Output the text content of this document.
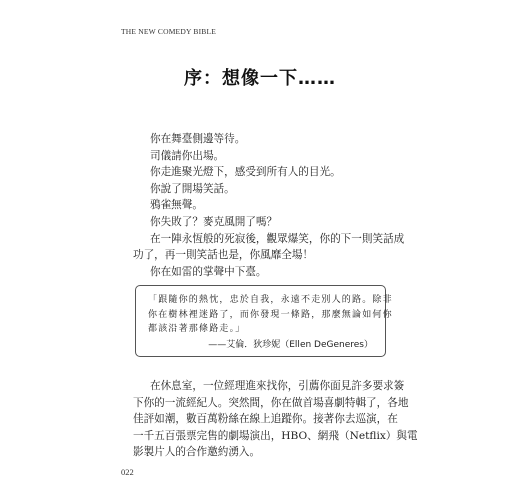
THE NEW COMEDY BIBLE
序：想像一下……

你在舞臺側邊等待。

司儀請你出場。

你走進聚光燈下，感受到所有人的目光。

你說了開場笑話。

鴉雀無聲。

你失敗了？麥克風開了嗎？

在一陣永恆般的死寂後，觀眾爆笑，你的下一則笑話成

功了，再一則笑話也是，你風靡全場！

你在如雷的掌聲中下臺。

「跟隨你的熱忱，忠於自我，永遠不走別人的路。除非

你在樹林裡迷路了，而你發現一條路，那麼無論如何你

都該沿著那條路走。」

——艾倫．狄珍妮（Ellen DeGeneres）

在休息室，一位經理進來找你，引薦你面見許多要求簽

下你的一流經紀人。突然間，你在做首場喜劇特輯了，各地

佳評如潮，數百萬粉絲在線上追蹤你。接著你去巡演，在

一千五百張票完售的劇場演出，HBO、網飛（Netflix）與電

影製片人的合作邀約湧入。

022
